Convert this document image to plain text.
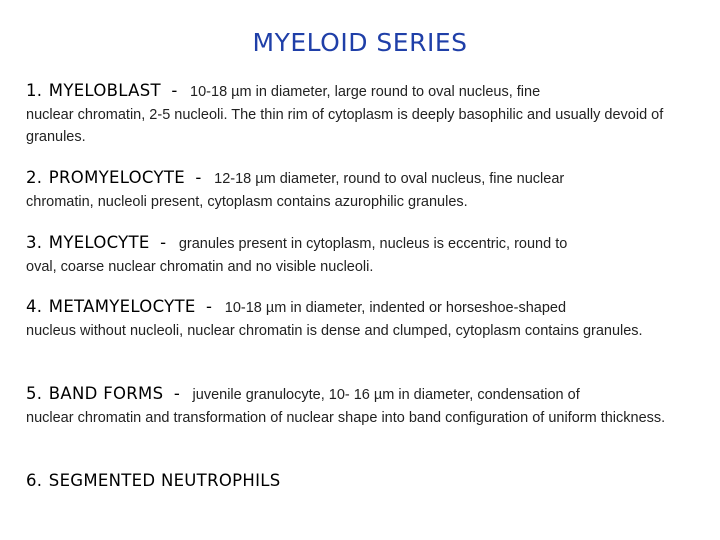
MYELOID SERIES
1. MYELOBLAST - 10-18 µm in diameter, large round to oval nucleus, fine
nuclear chromatin, 2-5 nucleoli. The thin rim of cytoplasm is deeply basophilic and usually devoid of granules.
2. PROMYELOCYTE - 12-18 µm diameter, round to oval nucleus, fine nuclear
chromatin, nucleoli present, cytoplasm contains azurophilic granules.
3. MYELOCYTE - granules present in cytoplasm, nucleus is eccentric, round to
oval, coarse nuclear chromatin and no visible nucleoli.
4. METAMYELOCYTE - 10-18 µm in diameter, indented or horseshoe-shaped
nucleus without nucleoli, nuclear chromatin is dense and clumped, cytoplasm contains granules.
5. BAND FORMS - juvenile granulocyte, 10- 16 µm in diameter, condensation of
nuclear chromatin and transformation of nuclear shape into band configuration of uniform thickness.
6. SEGMENTED NEUTROPHILS
